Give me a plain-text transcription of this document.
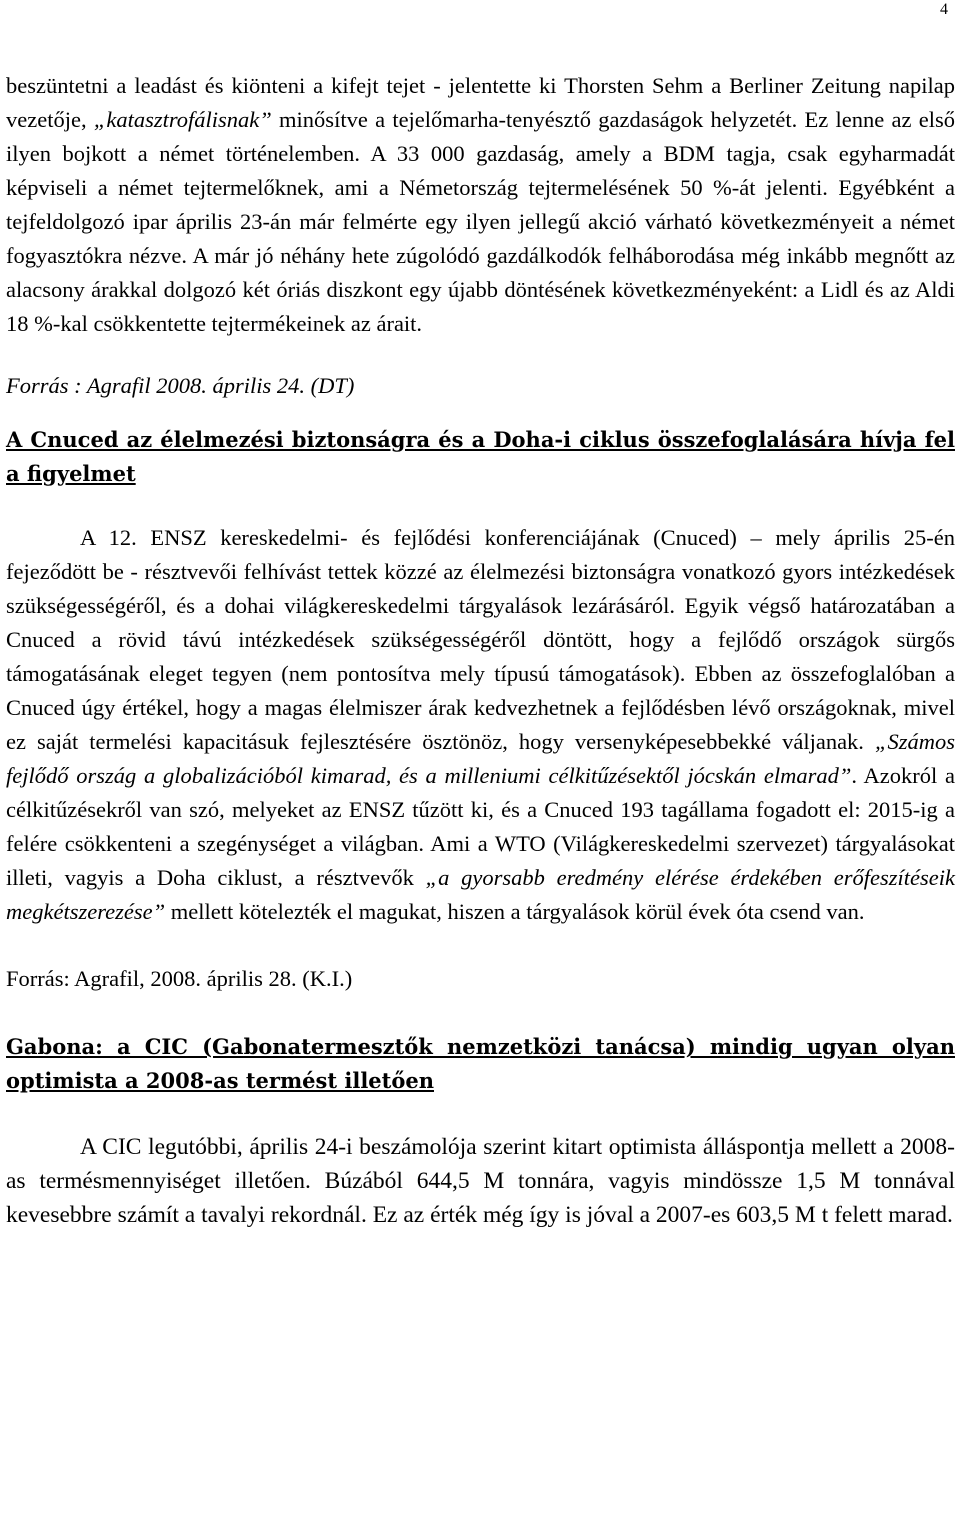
4

beszüntetni a leadást és kiönteni a kifejt tejet - jelentette ki Thorsten Sehm a Berliner Zeitung napilap vezetője, „katasztrofálisnak” minősítve a tejelőmarha-tenyésztő gazdaságok helyzetét. Ez lenne az első ilyen bojkott a német történelemben. A 33 000 gazdaság, amely a BDM tagja, csak egyharmadát képviseli a német tejtermelőknek, ami a Németország tejtermelésének 50 %-át jelenti. Egyébként a tejfeldolgozó ipar április 23-án már felmérte egy ilyen jellegű akció várható következményeit a német fogyasztókra nézve. A már jó néhány hete zúgolódó gazdálkodók felháborodása még inkább megnőtt az alacsony árakkal dolgozó két óriás diszkont egy újabb döntésének következményeként: a Lidl és az Aldi 18 %-kal csökkentette tejtermékeinek az árait.

Forrás : Agrafil 2008. április 24. (DT)

A Cnuced az élelmezési biztonságra és a Doha-i ciklus összefoglalására hívja fel a figyelmet

A 12. ENSZ kereskedelmi- és fejlődési konferenciájának (Cnuced) – mely április 25-én fejeződött be - résztvevői felhívást tettek közzé az élelmezési biztonságra vonatkozó gyors intézkedések szükségességéről, és a dohai világkereskedelmi tárgyalások lezárásáról. Egyik végső határozatában a Cnuced a rövid távú intézkedések szükségességéről döntött, hogy a fejlődő országok sürgős támogatásának eleget tegyen (nem pontosítva mely típusú támogatások). Ebben az összefoglalóban a Cnuced úgy értékel, hogy a magas élelmiszer árak kedvezhetnek a fejlődésben lévő országoknak, mivel ez saját termelési kapacitásuk fejlesztésére ösztönöz, hogy versenyképesebbekké váljanak. „Számos fejlődő ország a globalizációból kimarad, és a milleniumi célkitűzésektől jócskán elmarad”. Azokról a célkitűzésekről van szó, melyeket az ENSZ tűzött ki, és a Cnuced 193 tagállama fogadott el: 2015-ig a felére csökkenteni a szegénységet a világban. Ami a WTO (Világkereskedelmi szervezet) tárgyalásokat illeti, vagyis a Doha ciklust, a résztvevők „a gyorsabb eredmény elérése érdekében erőfeszítéseik megkétszerezése” mellett kötelezték el magukat, hiszen a tárgyalások körül évek óta csend van.

Forrás: Agrafil, 2008. április 28. (K.I.)

Gabona: a CIC (Gabonatermesztők nemzetközi tanácsa) mindig ugyan olyan optimista a 2008-as termést illetően

A CIC legutóbbi, április 24-i beszámolója szerint kitart optimista álláspontja mellett a 2008-as termésmennyiséget illetően. Búzából 644,5 M tonnára, vagyis mindössze 1,5 M tonnával kevesebbre számít a tavalyi rekordnál. Ez az érték még így is jóval a 2007-es 603,5 M t felett marad.
